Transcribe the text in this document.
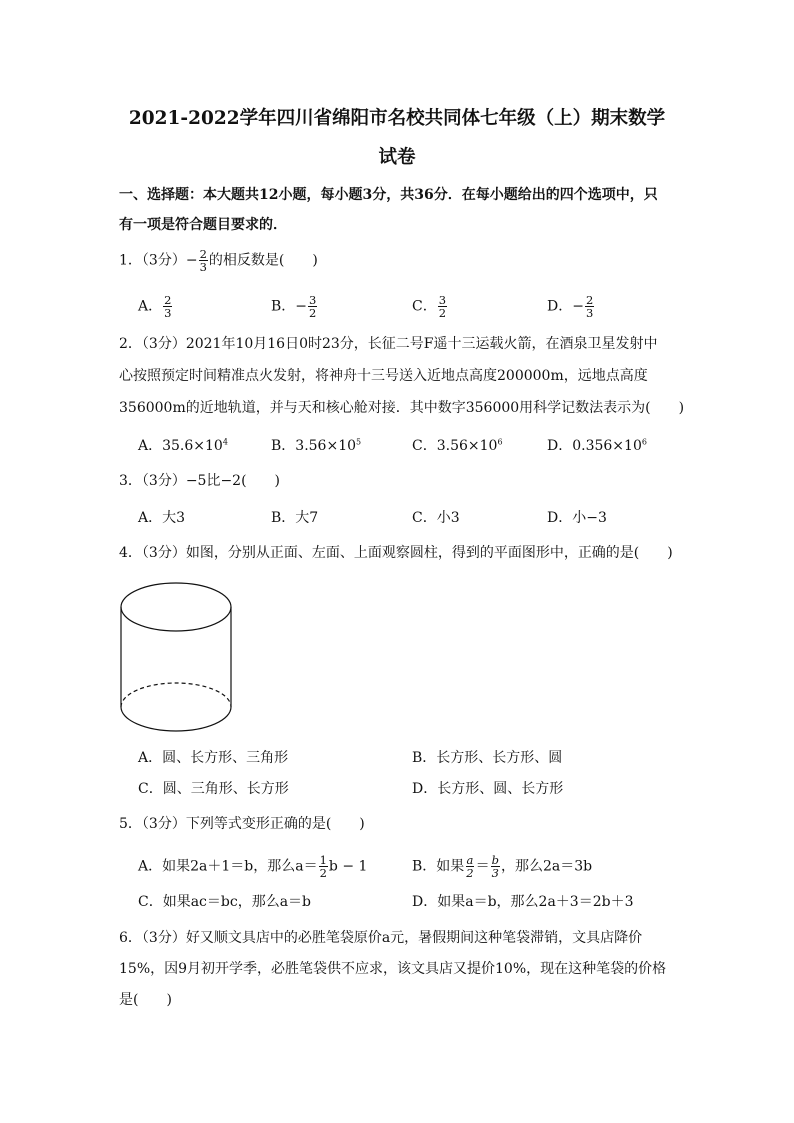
2021-2022学年四川省绵阳市名校共同体七年级（上）期末数学
试卷
一、选择题：本大题共12小题，每小题3分，共36分．在每小题给出的四个选项中，只
有一项是符合题目要求的．
1．（3分）− $\frac{2}{3}$ 的相反数是(　　)
A． $\frac{2}{3}$	B．− $\frac{3}{2}$	C． $\frac{3}{2}$	D．− $\frac{2}{3}$
2．（3分）2021年10月16日0时23分，长征二号F遥十三运载火箭，在酒泉卫星发射中
心按照预定时间精准点火发射，将神舟十三号送入近地点高度200000m，远地点高度
356000m的近地轨道，并与天和核心舱对接．其中数字356000用科学记数法表示为(　　)
A．$35.6\times 10^4$	B．$3.56\times 10^5$	C．$3.56\times 10^6$	D．$0.356\times 10^6$
3．（3分）−5比−2(　　)
A．大3	B．大7	C．小3	D．小−3
4．（3分）如图，分别从正面、左面、上面观察圆柱，得到的平面图形中，正确的是(　　)
A．圆、长方形、三角形	B．长方形、长方形、圆
C．圆、三角形、长方形	D．长方形、圆、长方形
5．（3分）下列等式变形正确的是(　　)
A．如果2a＋1＝b，那么$a= \frac{1}{2}$ b − 1	B．如果 $\frac{a}{2} = \frac{b}{3}$ ，那么2a＝3b
C．如果ac＝bc，那么a＝b	D．如果a＝b，那么2a＋3＝2b＋3
6．（3分）好又顺文具店中的必胜笔袋原价a元，暑假期间这种笔袋滞销，文具店降价
15%，因9月初开学季，必胜笔袋供不应求，该文具店又提价10%，现在这种笔袋的价格
是(　　)
